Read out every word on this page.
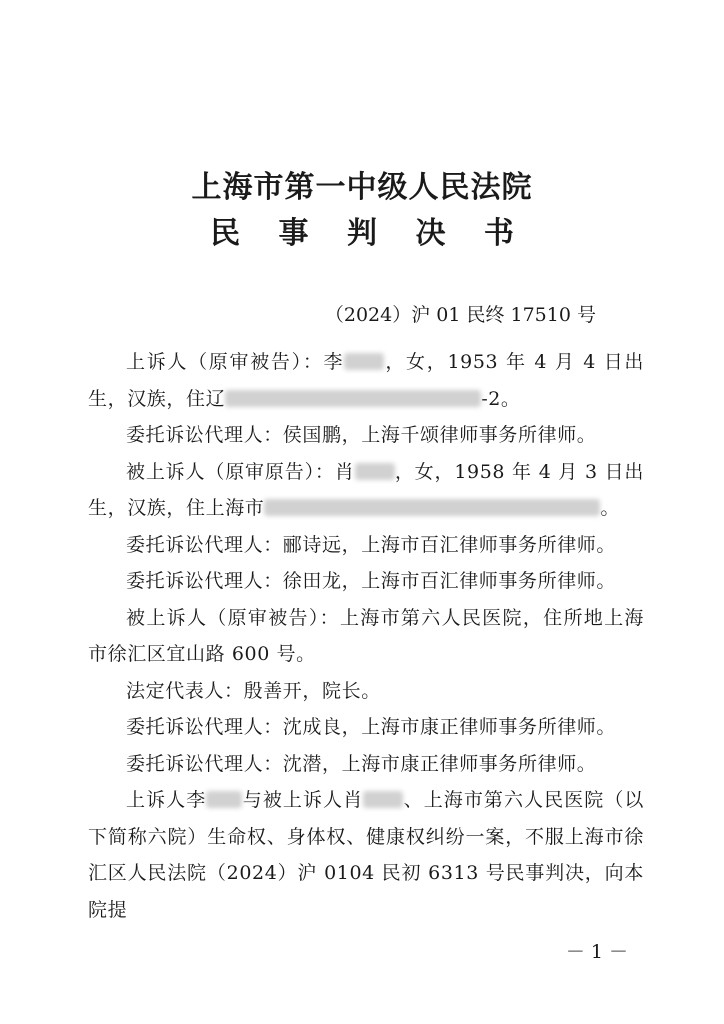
上海市第一中级人民法院
民 事 判 决 书
（2024）沪 01 民终 17510 号

上诉人（原审被告）：李 ，女，1953 年 4 月 4 日出生，汉族，住辽	-2。

委托诉讼代理人：侯国鹏，上海千颂律师事务所律师。

被上诉人（原审原告）：肖 ，女，1958 年 4 月 3 日出生，汉族，住上海市	。

委托诉讼代理人：郦诗远，上海市百汇律师事务所律师。

委托诉讼代理人：徐田龙，上海市百汇律师事务所律师。

被上诉人（原审被告）：上海市第六人民医院，住所地上海市徐汇区宜山路 600 号。

法定代表人：殷善开，院长。

委托诉讼代理人：沈成良，上海市康正律师事务所律师。

委托诉讼代理人：沈潜，上海市康正律师事务所律师。

上诉人李 与被上诉人肖 、上海市第六人民医院（以下简称六院）生命权、身体权、健康权纠纷一案，不服上海市徐汇区人民法院（2024）沪 0104 民初 6313 号民事判决，向本院提

－ 1 －
